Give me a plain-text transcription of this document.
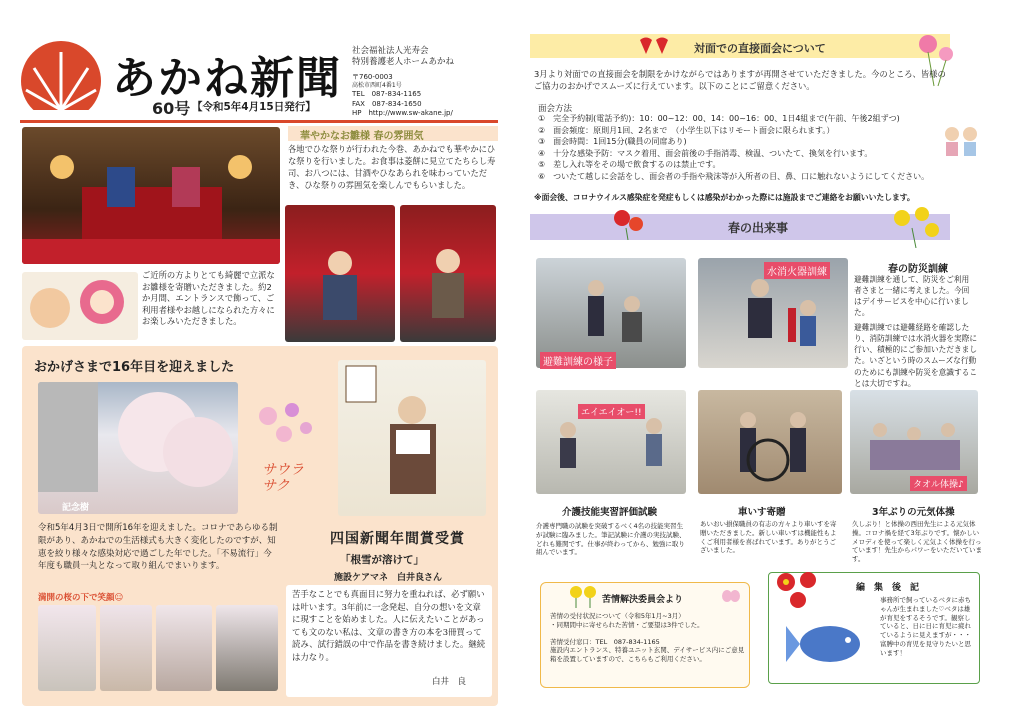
あかね新聞
60号 【令和5年4月15日発行】
社会福祉法人光寿会
特別養護老人ホームあかね
〒760-0003
高松市西町4番1号
TEL　087-834-1165
FAX　087-834-1650
HP　http://www.sw-akane.jp/
ご近所の方よりとても綺麗で立派なお雛様を寄贈いただきました。約2か月間、エントランスで飾って、ご利用者様やお越しになられた方々にお楽しみいただきました。
華やかなお雛様 春の雰囲気
各地でひな祭りが行われた今巻、あかねでも華やかにひな祭りを行いました。お食事は菱餅に見立てたちらし寿司、お八つには、甘酒やひなあられを味わっていただき、ひな祭りの雰囲気を楽しんでもらいました。
おかげさまで16年目を迎えました
記念樹
サウラ サク
令和5年4月3日で開所16年を迎えました。コロナであらゆる制限があり、あかねでの生活様式も大きく変化したのですが、知恵を絞り様々な感染対応で過ごした年でした。「不易流行」今年度も職員一丸となって取り組んでまいります。
満開の桜の下で笑顔☺
四国新聞年間賞受賞
「根雪が溶けて」
施設ケアマネ　白井良さん
苦手なことでも真面目に努力を重ねれば、必ず願いは叶います。3年前に一念発起、自分の想いを文章に現すことを始めました。人に伝えたいことがあっても文のない私は、文章の書き方の本を3冊買って読み、試行錯誤の中で作品を書き続けました。継続は力なり。
白井　良
対面での直接面会について
3月より対面での直接面会を制限をかけながらではありますが再開させていただきました。今のところ、皆様のご協力のおかげでスムーズに行えています。以下のことにご留意ください。
面会方法
①　完全予約制(電話予約)：10：00~12：00、14：00~16：00、1日4組まで(午前、午後2組ずつ)
②　面会頻度：原則月1回、2名まで　（小学生以下はリモート面会に限られます。）
③　面会時間：1回15分(職員の同席あり)
④　十分な感染予防：マスク着用、面会前後の手指消毒、検温、ついたて、換気を行います。
⑤　差し入れ等をその場で飲食するのは禁止です。
⑥　ついたて越しに会話をし、面会者の手指や飛沫等が入所者の目、鼻、口に触れないようにしてください。
※面会後、コロナウイルス感染症を発症もしくは感染がわかった際には施設までご連絡をお願いいたします。
春の出来事
避難訓練の様子
水消火器訓練	春の防災訓練
避難訓練を通して、防災をご利用者さまと一緒に考えました。今回はデイサービスを中心に行いました。
避難訓練では避難経路を確認したり、消防訓練では水消火器を実際に行い、積極的にご参加いただきました。いざという時のスムーズな行動のためにも訓練や防災を意識することは大切ですね。
エイエイオー!!
タオル体操♪
介護技能実習評価試験
介護専門職の試験を突破するべく4名の技能実習生が試験に臨みました。筆記試験に介護の実技試験、どれも難関です。仕事が終わってから、勉強に取り組んでいます。
車いす寄贈
あいおい損保職員の有志の方々より車いすを寄贈いただきました。新しい車いすは機能性もよくご利用者様を喜ばれています。ありがとうございました。
3年ぶりの元気体操
久しぶり！と体操の西田先生による元気体操。コロナ禍を経て3年ぶりです。懐かしいメロディを使って楽しく元気よく体操を行っています！先生からパワーをいただいています。
苦情解決委員会より
苦情の受付状況について（令和5年1月~3月）
・同期間中に寄せられた苦情・ご要望は3件でした。
苦情受付窓口：TEL　087-834-1165
施設内エントランス、特養ユニット玄関、デイサービス内にご意見箱を設置していますので、こちらもご利用ください。
編　集　後　記
事務所で飼っているベタに赤ちゃんが生まれました♡ベタは雄が育児をするそうです。観察していると、日に日に育児に疲れているように見えますが・・・富膊中の育児を見守りたいと思います！
